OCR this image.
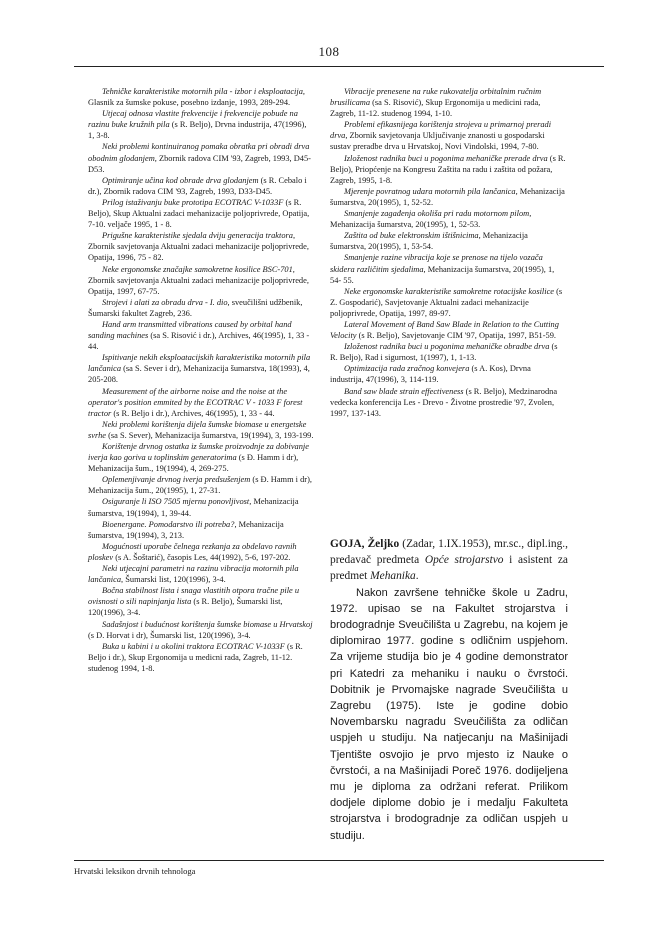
108

Tehničke karakteristike motornih pila - izbor i eksploatacija, Glasnik za šumske pokuse, posebno izdanje, 1993, 289-294.

Utjecaj odnosa vlastite frekvencije i frekvencije pobude na razinu buke kružnih pila (s R. Beljo), Drvna industrija, 47(1996), 1, 3-8.

Neki problemi kontinuiranog pomaka obratka pri obradi drva obodnim glodanjem, Zbornik radova CIM '93, Zagreb, 1993, D45-D53.

Optimiranje učina kod obrade drva glodanjem (s R. Cebalo i dr.), Zbornik radova CIM '93, Zagreb, 1993, D33-D45.

Prilog istaživanju buke prototipa ECOTRAC V-1033F (s R. Beljo), Skup Aktualni zadaci mehanizacije poljoprivrede, Opatija, 7-10. veljače 1995, 1 - 8.

Prigušne karakteristike sjedala dviju generacija traktora, Zbornik savjetovanja Aktualni zadaci mehanizacije poljoprivrede, Opatija, 1996, 75 - 82.

Neke ergonomske značajke samokretne kosilice BSC-701, Zbornik savjetovanja Aktualni zadaci mehanizacije poljoprivrede, Opatija, 1997, 67-75.

Strojevi i alati za obradu drva - I. dio, sveučilišni udžbenik, Šumarski fakultet Zagreb, 236.

Hand arm transmitted vibrations caused by orbital hand sanding machines (sa S. Risović i dr.), Archives, 46(1995), 1, 33 - 44.

Ispitivanje nekih eksploatacijskih karakteristika motornih pila lančanica (sa S. Sever i dr), Mehanizacija šumarstva, 18(1993), 4, 205-208.

Measurement of the airborne noise and the noise at the operator's position emmited by the ECOTRAC V - 1033 F forest tractor (s R. Beljo i dr.), Archives, 46(1995), 1, 33 - 44.

Neki problemi korištenja dijela šumske biomase u energetske svrhe (sa S. Sever), Mehanizacija šumarstva, 19(1994), 3, 193-199.

Korištenje drvnog ostatka iz šumske proizvodnje za dobivanje iverja kao goriva u toplinskim generatorima (s Đ. Hamm i dr), Mehanizacija šum., 19(1994), 4, 269-275.

Oplemenjivanje drvnog iverja predsušenjem (s Đ. Hamm i dr), Mehanizacija šum., 20(1995), 1, 27-31.

Osiguranje li ISO 7505 mjernu ponovljivost, Mehanizacija šumarstva, 19(1994), 1, 39-44.

Bioenergane. Pomodarstvo ili potreba?, Mehanizacija šumarstva, 19(1994), 3, 213.

Mogućnosti uporabe čelnega rezkanja za obdelavo ravnih ploskev (s A. Šoštarić), časopis Les, 44(1992), 5-6, 197-202.

Neki utjecajni parametri na razinu vibracija motornih pila lančanica, Šumarski list, 120(1996), 3-4.

Bočna stabilnost lista i snaga vlastitih otpora tračne pile u ovisnosti o sili napinjanja lista (s R. Beljo), Šumarski list, 120(1996), 3-4.

Sadašnjost i budućnost korištenja šumske biomase u Hrvatskoj (s D. Horvat i dr), Šumarski list, 120(1996), 3-4.

Buka u kabini i u okolini traktora ECOTRAC V-1033F (s R. Beljo i dr.), Skup Ergonomija u medicni rada, Zagreb, 11-12. studenog 1994, 1-8.

Vibracije prenesene na ruke rukovatelja orbitalnim ručnim brusilicama (sa S. Risović), Skup Ergonomija u medicini rada, Zagreb, 11-12. studenog 1994, 1-10.

Problemi efikasnijega korištenja strojeva u primarnoj preradi drva, Zbornik savjetovanja Uključivanje znanosti u gospodarski sustav preradbe drva u Hrvatskoj, Novi Vindolski, 1994, 7-80.

Izloženost radnika buci u pogonima mehaničke prerade drva (s R. Beljo), Priopćenje na Kongresu Zaštita na radu i zaštita od požara, Zagreb, 1995, 1-8.

Mjerenje povratnog udara motornih pila lančanica, Mehanizacija šumarstva, 20(1995), 1, 52-52.

Smanjenje zagađenja okoliša pri radu motornom pilom, Mehanizacija šumarstva, 20(1995), 1, 52-53.

Zaštita od buke elektronskim ištišnicima, Mehanizacija šumarstva, 20(1995), 1, 53-54.

Smanjenje razine vibracija koje se prenose na tijelo vozača skidera različitim sjedalima, Mehanizacija šumarstva, 20(1995), 1, 54- 55.

Neke ergonomske karakteristike samokretne rotacijske kosilice (s Z. Gospodarić), Savjetovanje Aktualni zadaci mehanizacije poljoprivrede, Opatija, 1997, 89-97.

Lateral Movement of Band Saw Blade in Relation to the Cutting Velocity (s R. Beljo), Savjetovanje CIM '97, Opatija, 1997, B51-59.

Izloženost radnika buci u pogonima mehaničke obradbe drva (s R. Beljo), Rad i sigurnost, 1(1997), 1, 1-13.

Optimizacija rada zračnog konvejera (s A. Kos), Drvna industrija, 47(1996), 3, 114-119.

Band saw blade strain effectiveness (s R. Beljo), Medzinarodna vedecka konferencija Les - Drevo - Životne prostredie '97, Zvolen, 1997, 137-143.

GOJA, Željko (Zadar, 1.IX.1953), mr.sc., dipl.ing., predavač predmeta Opće strojarstvo i asistent za predmet Mehanika.

Nakon završene tehničke škole u Zadru, 1972. upisao se na Fakultet strojarstva i brodogradnje Sveučilišta u Zagrebu, na kojem je diplomirao 1977. godine s odličnim uspjehom. Za vrijeme studija bio je 4 godine demonstrator pri Katedri za mehaniku i nauku o čvrstoći. Dobitnik je Prvomajske nagrade Sveučilišta u Zagrebu (1975). Iste je godine dobio Novembarsku nagradu Sveučilišta za odličan uspjeh u studiju. Na natjecanju na Mašinijadi Tjentište osvojio je prvo mjesto iz Nauke o čvrstoći, a na Mašinijadi Poreč 1976. dodijeljena mu je diploma za održani referat. Prilikom dodjele diplome dobio je i medalju Fakulteta strojarstva i brodogradnje za odličan uspjeh u studiju.

Hrvatski leksikon drvnih tehnologa
